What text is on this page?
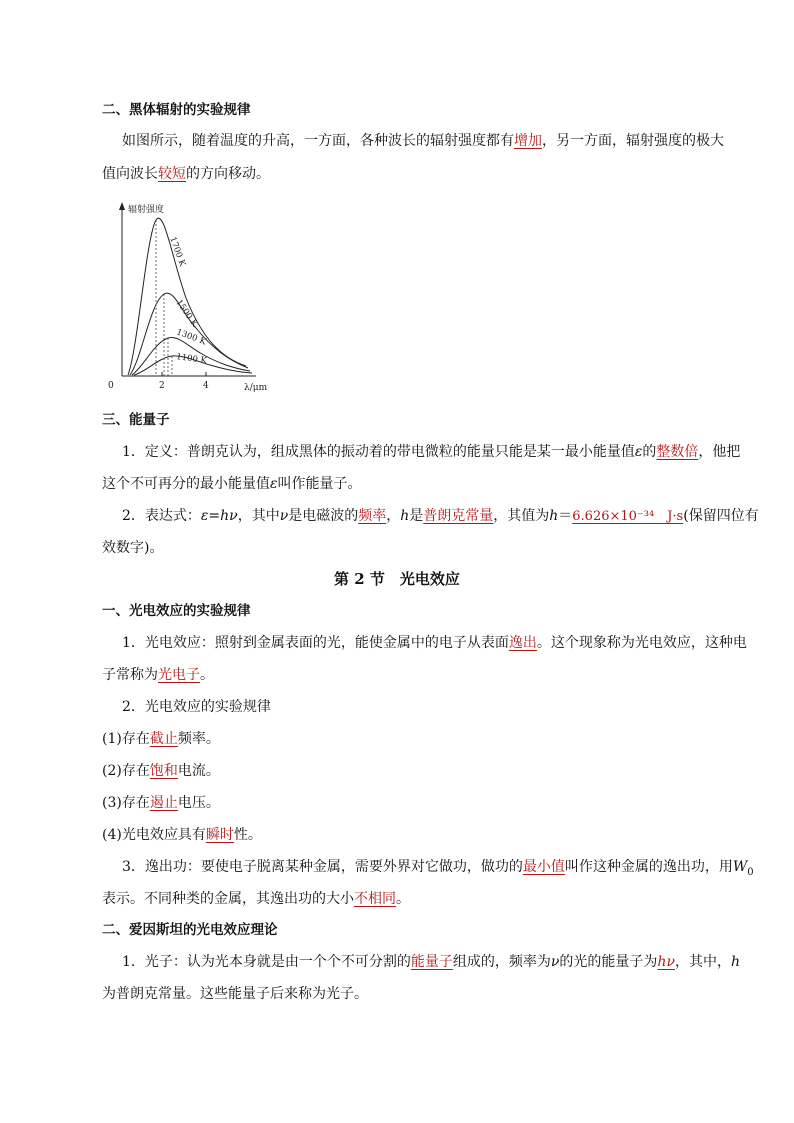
二、黑体辐射的实验规律
如图所示，随着温度的升高，一方面，各种波长的辐射强度都有增加，另一方面，辐射强度的极大
值向波长较短的方向移动。
辐射强度
0	2	4	λ/μm
1700 K
1500 K
1300 K
1100 K
三、能量子
1．定义：普朗克认为，组成黑体的振动着的带电微粒的能量只能是某一最小能量值ε的整数倍，他把
这个不可再分的最小能量值ε叫作能量子。
2．表达式：ε=hν，其中ν是电磁波的频率，h是普朗克常量，其值为h＝6.626×10⁻³⁴　J·s(保留四位有
效数字)。
第 2 节　光电效应
一、光电效应的实验规律
1．光电效应：照射到金属表面的光，能使金属中的电子从表面逸出。这个现象称为光电效应，这种电
子常称为光电子。
2．光电效应的实验规律
(1)存在截止频率。
(2)存在饱和电流。
(3)存在遏止电压。
(4)光电效应具有瞬时性。
3．逸出功：要使电子脱离某种金属，需要外界对它做功，做功的最小值叫作这种金属的逸出功，用$W_0$
表示。不同种类的金属，其逸出功的大小不相同。
二、爱因斯坦的光电效应理论
1．光子：认为光本身就是由一个个不可分割的能量子组成的，频率为ν的光的能量子为hν，其中，h
为普朗克常量。这些能量子后来称为光子。
